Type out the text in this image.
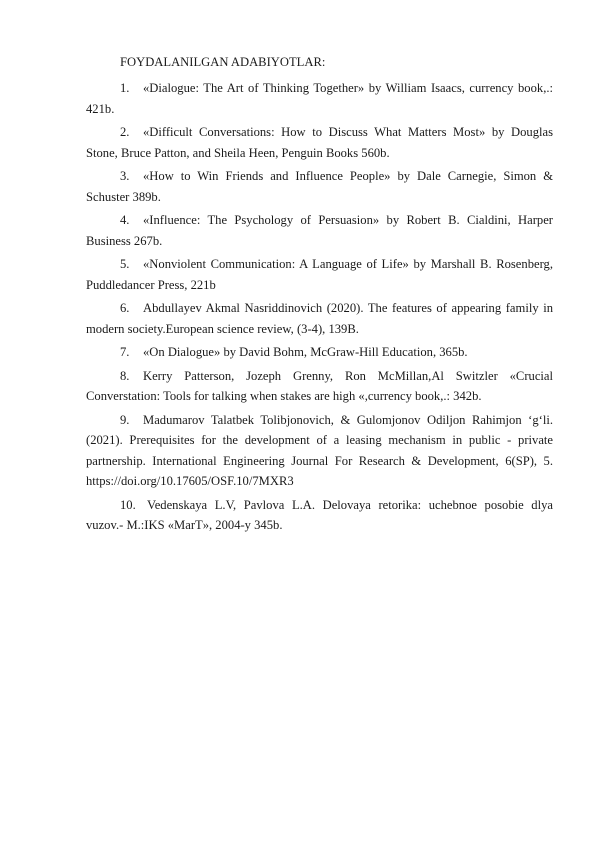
FOYDALANILGAN ADABIYOTLAR:

1. «Dialogue: The Art of Thinking Together» by William Isaacs, currency book,.: 421b.

2. «Difficult Conversations: How to Discuss What Matters Most» by Douglas Stone, Bruce Patton, and Sheila Heen, Penguin Books 560b.

3. «How to Win Friends and Influence People» by Dale Carnegie, Simon & Schuster 389b.

4. «Influence: The Psychology of Persuasion» by Robert B. Cialdini, Harper Business 267b.

5. «Nonviolent Communication: A Language of Life» by Marshall B. Rosenberg, Puddledancer Press, 221b

6. Abdullayev Akmal Nasriddinovich (2020). The features of appearing family in modern society.European science review, (3-4), 139B.

7. «On Dialogue» by David Bohm, McGraw-Hill Education, 365b.

8. Kerry Patterson, Jozeph Grenny, Ron McMillan,Al Switzler «Crucial Converstation: Tools for talking when stakes are high «,currency book,.: 342b.

9. Madumarov Talatbek Tolibjonovich, & Gulomjonov Odiljon Rahimjon ‘g‘li. (2021). Prerequisites for the development of a leasing mechanism in public - private partnership. International Engineering Journal For Research & Development, 6(SP), 5. https://doi.org/10.17605/OSF.10/7MXR3

10. Vedenskaya L.V, Pavlova L.A. Delovaya retorika: uchebnoe posobie dlya vuzov.- M.:IKS «MarT», 2004-y 345b.
